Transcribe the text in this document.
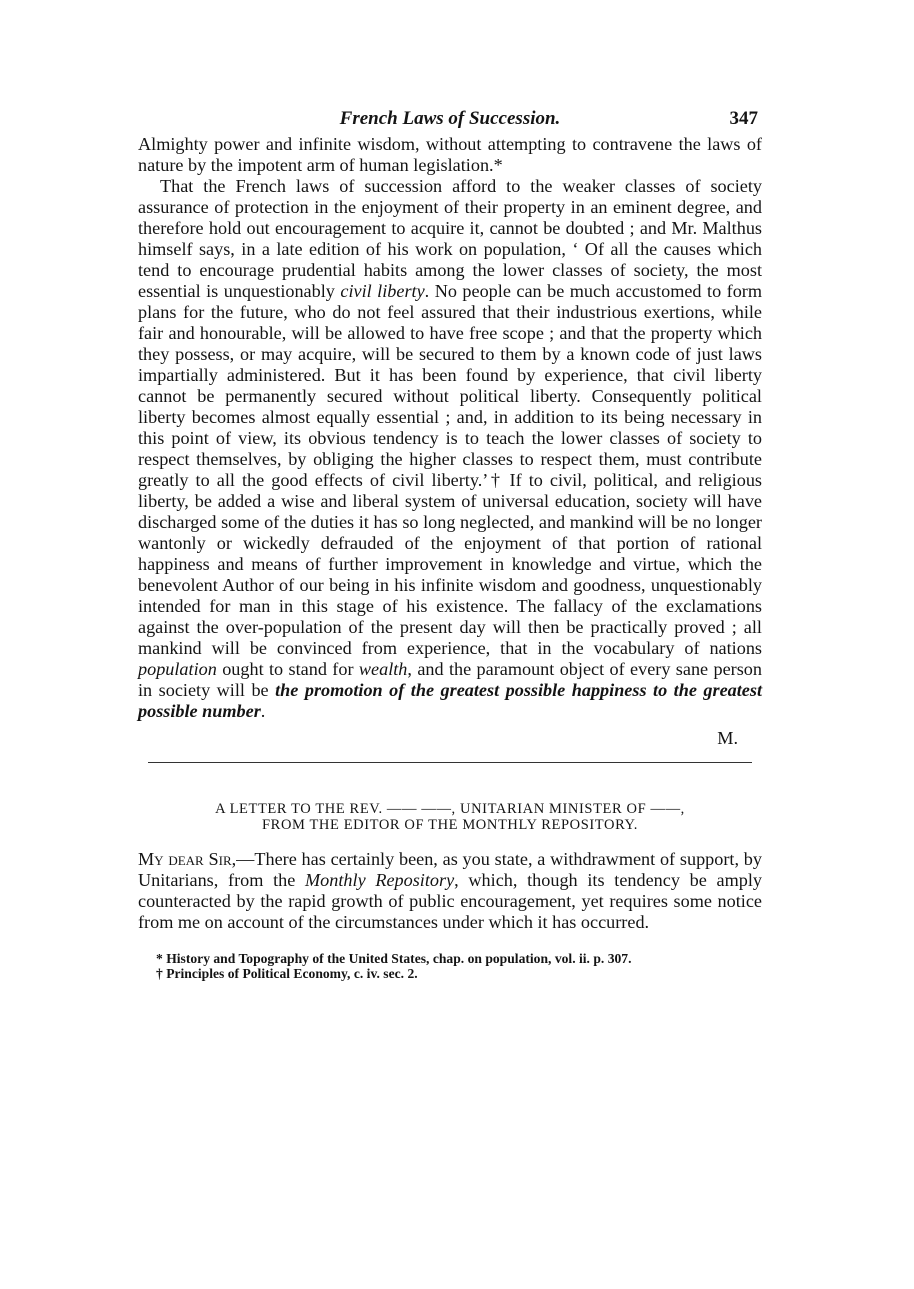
French Laws of Succession.	347

Almighty power and infinite wisdom, without attempting to contravene the laws of nature by the impotent arm of human legislation.*

That the French laws of succession afford to the weaker classes of society assurance of protection in the enjoyment of their property in an eminent degree, and therefore hold out encouragement to acquire it, cannot be doubted ; and Mr. Malthus himself says, in a late edition of his work on population, ‘ Of all the causes which tend to encourage prudential habits among the lower classes of society, the most essential is unquestionably civil liberty. No people can be much accustomed to form plans for the future, who do not feel assured that their industrious exertions, while fair and honourable, will be allowed to have free scope ; and that the property which they possess, or may acquire, will be secured to them by a known code of just laws impartially administered. But it has been found by experience, that civil liberty cannot be permanently secured without political liberty. Consequently political liberty becomes almost equally essential ; and, in addition to its being necessary in this point of view, its obvious tendency is to teach the lower classes of society to respect themselves, by obliging the higher classes to respect them, must contribute greatly to all the good effects of civil liberty.’† If to civil, political, and religious liberty, be added a wise and liberal system of universal education, society will have discharged some of the duties it has so long neglected, and mankind will be no longer wantonly or wickedly defrauded of the enjoyment of that portion of rational happiness and means of further improvement in knowledge and virtue, which the benevolent Author of our being in his infinite wisdom and goodness, unquestionably intended for man in this stage of his existence. The fallacy of the exclamations against the over-population of the present day will then be practically proved ; all mankind will be convinced from experience, that in the vocabulary of nations population ought to stand for wealth, and the paramount object of every sane person in society will be the promotion of the greatest possible happiness to the greatest possible number.

M.
A LETTER TO THE REV. —— ——, UNITARIAN MINISTER OF ——,
FROM THE EDITOR OF THE MONTHLY REPOSITORY.
My dear Sir,—There has certainly been, as you state, a withdrawment of support, by Unitarians, from the Monthly Repository, which, though its tendency be amply counteracted by the rapid growth of public encouragement, yet requires some notice from me on account of the circumstances under which it has occurred.
* History and Topography of the United States, chap. on population, vol. ii. p. 307.
† Principles of Political Economy, c. iv. sec. 2.
